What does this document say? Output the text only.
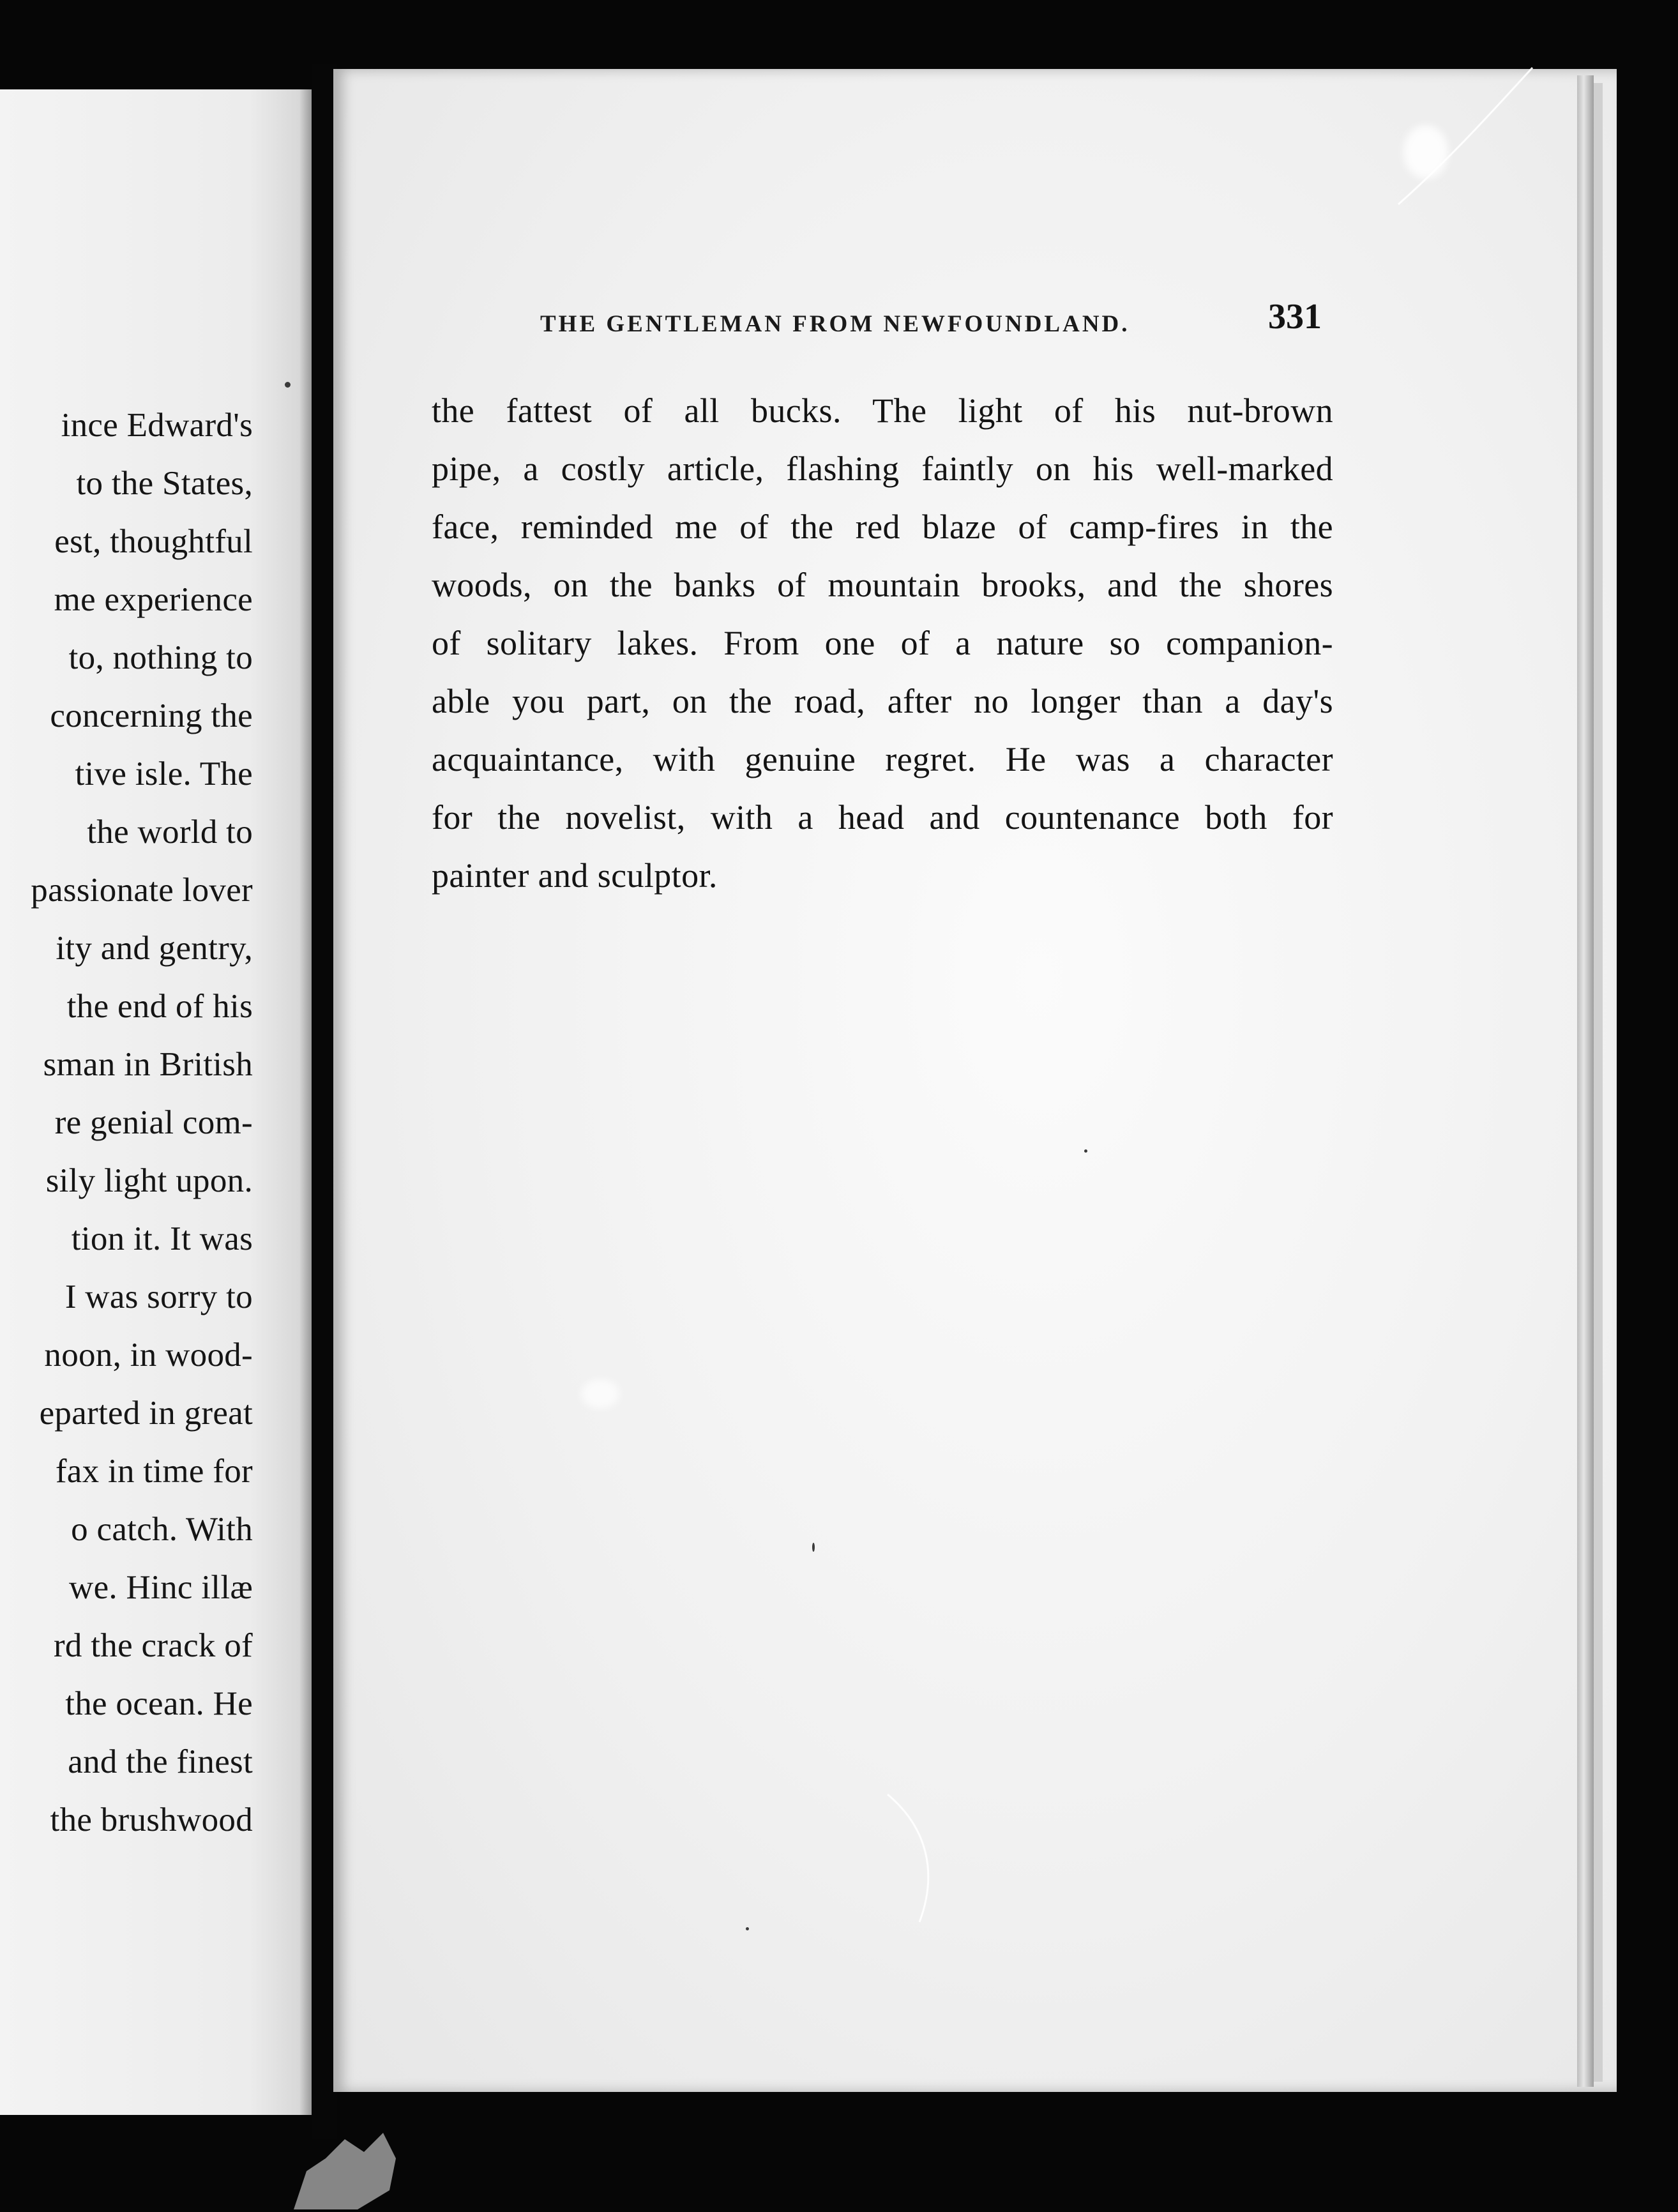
ince Edward's
to the States,
est, thoughtful
me experience
to, nothing to
concerning the
tive isle. The
the world to
passionate lover
ity and gentry,
the end of his
sman in British
re genial com-
sily light upon.
tion it. It was
I was sorry to
noon, in wood-
eparted in great
fax in time for
o catch. With
we. Hinc illæ
rd the crack of
the ocean. He
and the finest
the brushwood
THE GENTLEMAN FROM NEWFOUNDLAND.	331
the fattest of all bucks. The light of his nut-brown
pipe, a costly article, flashing faintly on his well-marked
face, reminded me of the red blaze of camp-fires in the
woods, on the banks of mountain brooks, and the shores
of solitary lakes. From one of a nature so companion-
able you part, on the road, after no longer than a day's
acquaintance, with genuine regret. He was a character
for the novelist, with a head and countenance both for
painter and sculptor.
